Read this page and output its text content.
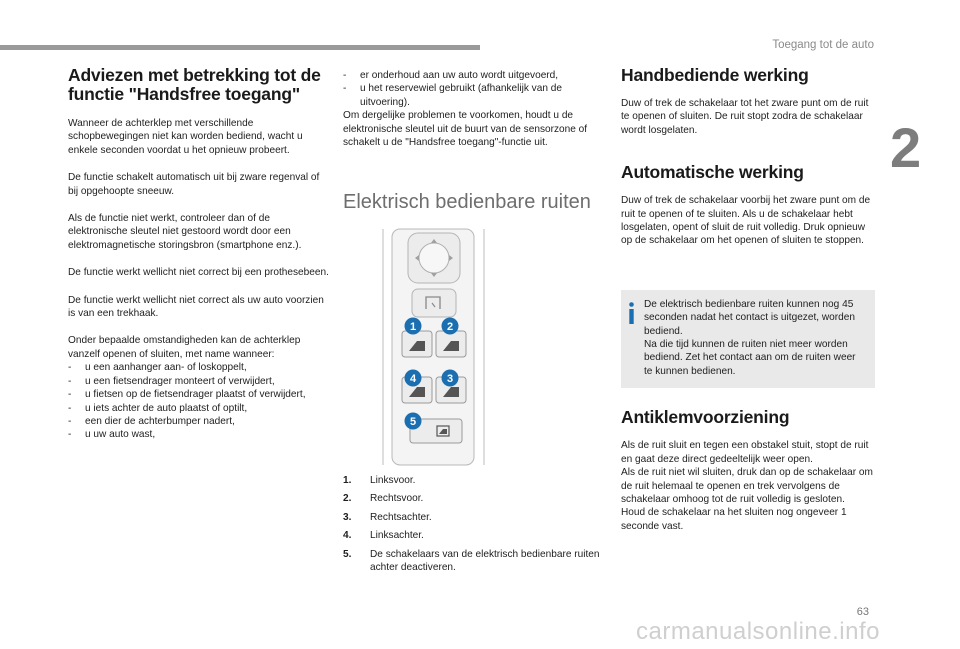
Toegang tot de auto
2
Adviezen met betrekking tot de
functie "Handsfree toegang"

Wanneer de achterklep met verschillende schopbewegingen niet kan worden bediend, wacht u enkele seconden voordat u het opnieuw probeert.

De functie schakelt automatisch uit bij zware regenval of bij opgehoopte sneeuw.

Als de functie niet werkt, controleer dan of de elektronische sleutel niet gestoord wordt door een elektromagnetische storingsbron (smartphone enz.).

De functie werkt wellicht niet correct bij een prothesebeen.

De functie werkt wellicht niet correct als uw auto voorzien is van een trekhaak.

Onder bepaalde omstandigheden kan de achterklep vanzelf openen of sluiten, met name wanneer:

- u een aanhanger aan- of loskoppelt,
- u een fietsendrager monteert of verwijdert,
- u fietsen op de fietsendrager plaatst of verwijdert,
- u iets achter de auto plaatst of optilt,
- een dier de achterbumper nadert,
- u uw auto wast,
- er onderhoud aan uw auto wordt uitgevoerd,
- u het reservewiel gebruikt (afhankelijk van de uitvoering).

Om dergelijke problemen te voorkomen, houdt u de elektronische sleutel uit de buurt van de sensorzone of schakelt u de "Handsfree toegang"-functie uit.

Elektrisch bedienbare ruiten
1	2
3
4
5
1. Linksvoor.
2. Rechtsvoor.
3. Rechtsachter.
4. Linksachter.
5. De schakelaars van de elektrisch bedienbare ruiten achter deactiveren.
Handbediende werking

Duw of trek de schakelaar tot het zware punt om de ruit te openen of sluiten. De ruit stopt zodra de schakelaar wordt losgelaten.

Automatische werking

Duw of trek de schakelaar voorbij het zware punt om de ruit te openen of te sluiten. Als u de schakelaar hebt losgelaten, opent of sluit de ruit volledig. Druk opnieuw op de schakelaar om het openen of sluiten te stoppen.

De elektrisch bedienbare ruiten kunnen nog 45 seconden nadat het contact is uitgezet, worden bediend.
Na die tijd kunnen de ruiten niet meer worden bediend. Zet het contact aan om de ruiten weer te kunnen bedienen.
Antiklemvoorziening
Als de ruit sluit en tegen een obstakel stuit, stopt de ruit en gaat deze direct gedeeltelijk weer open.
Als de ruit niet wil sluiten, druk dan op de schakelaar om de ruit helemaal te openen en trek vervolgens de schakelaar omhoog tot de ruit volledig is gesloten.
Houd de schakelaar na het sluiten nog ongeveer 1 seconde vast.
63
carmanualsonline.info
